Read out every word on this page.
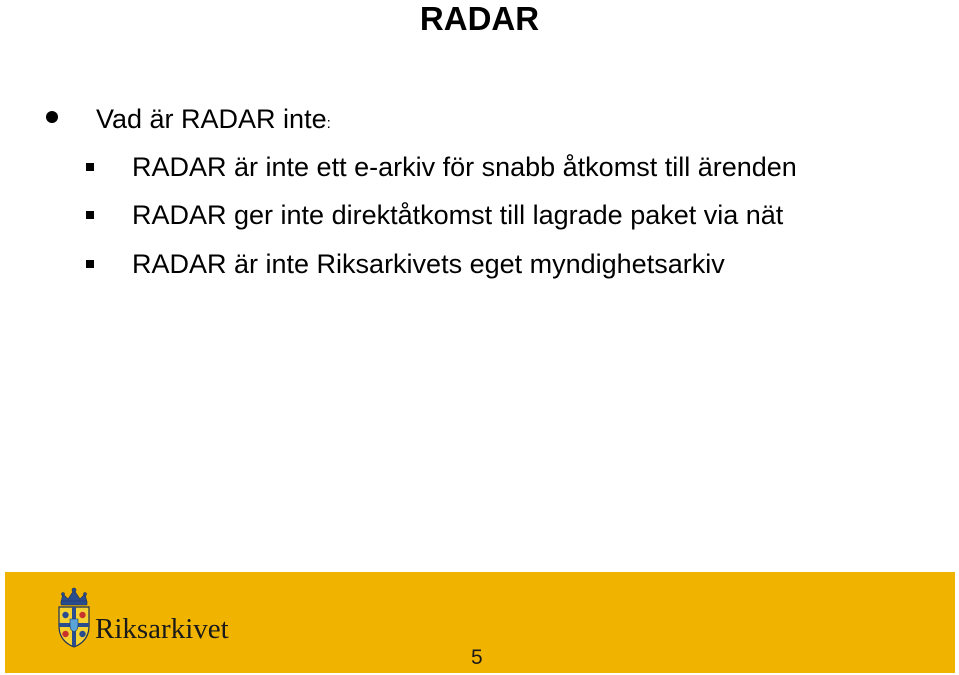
RADAR
Vad är RADAR inte:
RADAR är inte ett e-arkiv för snabb åtkomst till ärenden
RADAR ger inte direktåtkomst till lagrade paket via nät
RADAR är inte Riksarkivets eget myndighetsarkiv
Riksarkivet
5
